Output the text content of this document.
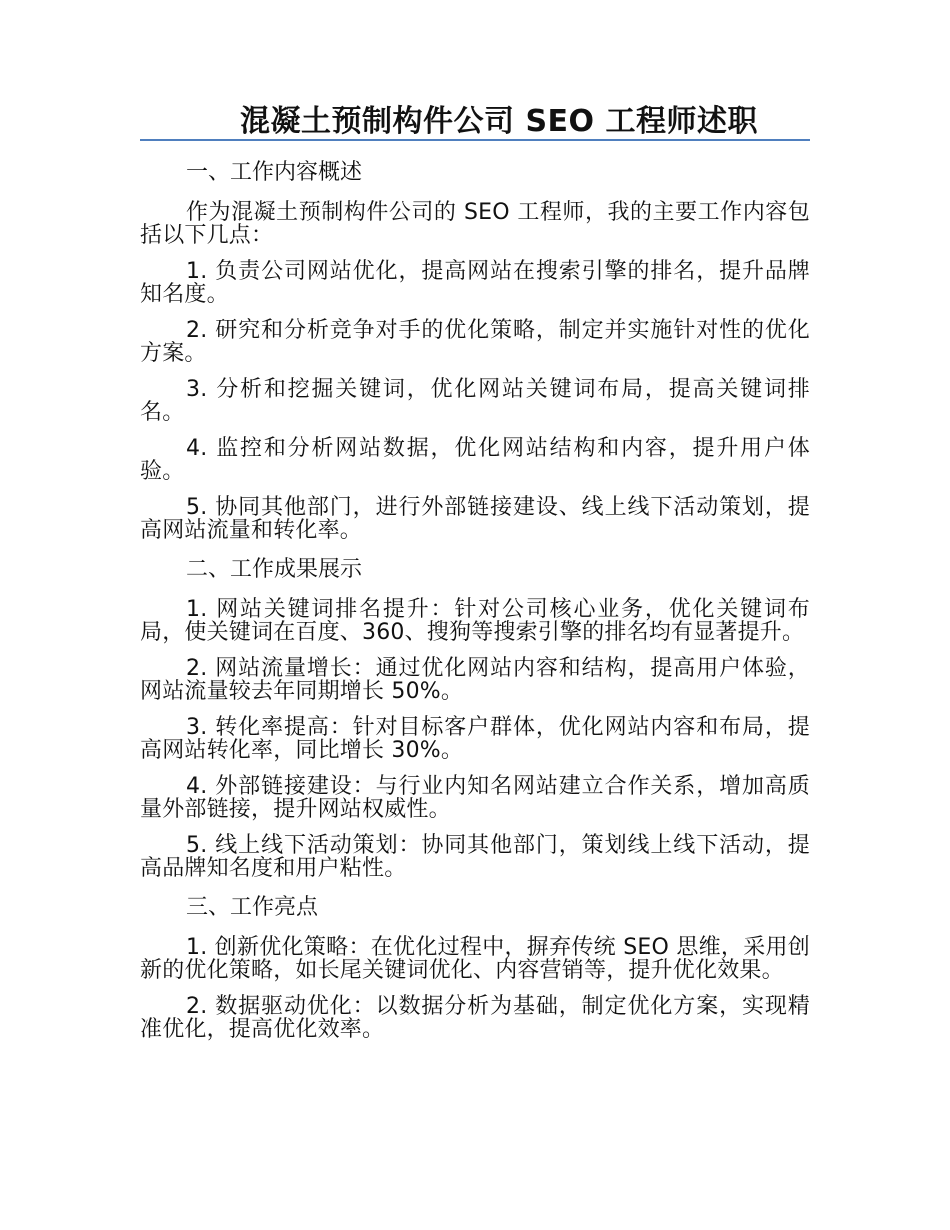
混凝土预制构件公司 SEO 工程师述职
一、工作内容概述

作为混凝土预制构件公司的 SEO 工程师，我的主要工作内容包括以下几点：

1. 负责公司网站优化，提高网站在搜索引擎的排名，提升品牌知名度。

2. 研究和分析竞争对手的优化策略，制定并实施针对性的优化方案。

3. 分析和挖掘关键词，优化网站关键词布局，提高关键词排名。

4. 监控和分析网站数据，优化网站结构和内容，提升用户体验。

5. 协同其他部门，进行外部链接建设、线上线下活动策划，提高网站流量和转化率。

二、工作成果展示

1. 网站关键词排名提升：针对公司核心业务，优化关键词布局，使关键词在百度、360、搜狗等搜索引擎的排名均有显著提升。

2. 网站流量增长：通过优化网站内容和结构，提高用户体验，网站流量较去年同期增长 50%。

3. 转化率提高：针对目标客户群体，优化网站内容和布局，提高网站转化率，同比增长 30%。

4. 外部链接建设：与行业内知名网站建立合作关系，增加高质量外部链接，提升网站权威性。

5. 线上线下活动策划：协同其他部门，策划线上线下活动，提高品牌知名度和用户粘性。

三、工作亮点

1. 创新优化策略：在优化过程中，摒弃传统 SEO 思维，采用创新的优化策略，如长尾关键词优化、内容营销等，提升优化效果。

2. 数据驱动优化：以数据分析为基础，制定优化方案，实现精准优化，提高优化效率。
